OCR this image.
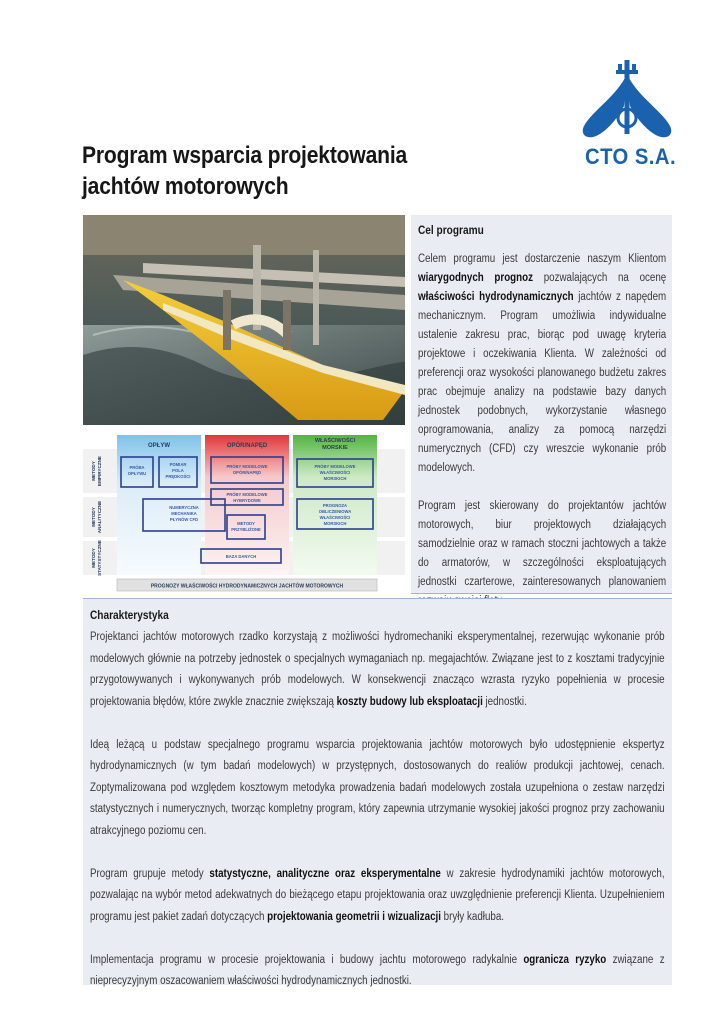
Program wsparcia projektowania
jachtów motorowych
CTO S.A.
Cel programu

Celem programu jest dostarczenie naszym Klientom wiarygodnych prognoz pozwalających na ocenę właściwości hydrodynamicznych jachtów z napędem mechanicznym. Program umożliwia indywidualne ustalenie zakresu prac, biorąc pod uwagę kryteria projektowe i oczekiwania Klienta. W zależności od preferencji oraz wysokości planowanego budżetu zakres prac obejmuje analizy na podstawie bazy danych jednostek podobnych, wykorzystanie własnego oprogramowania, analizy za pomocą narzędzi numerycznych (CFD) czy wreszcie wykonanie prób modelowych.

Program jest skierowany do projektantów jachtów motorowych, biur projektowych działających samodzielnie oraz w ramach stoczni jachtowych a także do armatorów, w szczególności eksploatujących jednostki czarterowe, zainteresowanych planowaniem

OPŁYW	OPÓR/NAPĘD
WŁAŚCIWOŚCI
MORSKIE
METODY EMPIRYCZNE
METODY ANALITYCZNE
METODY STATYSTYCZNE
PRÓBA
OPŁYWU
POMIAR
POLA
PRĘDKOŚCI
PRÓBY MODELOWE
OPÓR/NAPĘD
PRÓBY MODELOWE
WŁAŚCIWOŚCI
MORSKICH
PRÓBY MODELOWE
HYBRYDOWE
NUMERYCZNA
MECHANIKA
PŁYNÓW CFD
METODY
PRZYBLIŻONE
PROGNOZA
OBLICZENIOWA
WŁAŚCIWOŚCI
MORSKICH
BAZA DANYCH
PROGNOZY WŁAŚCIWOŚCI HYDRODYNAMICZNYCH JACHTÓW MOTOROWYCH
Charakterystyka

Projektanci jachtów motorowych rzadko korzystają z możliwości hydromechaniki eksperymentalnej, rezerwując wykonanie prób modelowych głównie na potrzeby jednostek o specjalnych wymaganiach np. megajachtów. Związane jest to z kosztami tradycyjnie przygotowywanych i wykonywanych prób modelowych. W konsekwencji znacząco wzrasta ryzyko popełnienia w procesie projektowania błędów, które zwykle znacznie zwiększają koszty budowy lub eksploatacji jednostki.

Ideą leżącą u podstaw specjalnego programu wsparcia projektowania jachtów motorowych było udostępnienie ekspertyz hydrodynamicznych (w tym badań modelowych) w przystępnych, dostosowanych do realiów produkcji jachtowej, cenach. Zoptymalizowana pod względem kosztowym metodyka prowadzenia badań modelowych została uzupełniona o zestaw narzędzi statystycznych i numerycznych, tworząc kompletny program, który zapewnia utrzymanie wysokiej jakości prognoz przy zachowaniu atrakcyjnego poziomu cen.

Program grupuje metody statystyczne, analityczne oraz eksperymentalne w zakresie hydrodynamiki jachtów motorowych, pozwalając na wybór metod adekwatnych do bieżącego etapu projektowania oraz uwzględnienie preferencji Klienta. Uzupełnieniem programu jest pakiet zadań dotyczących projektowania geometrii i wizualizacji bryły kadłuba.

Implementacja programu w procesie projektowania i budowy jachtu motorowego radykalnie ogranicza ryzyko związane z nieprecyzyjnym oszacowaniem właściwości hydrodynamicznych jednostki.
